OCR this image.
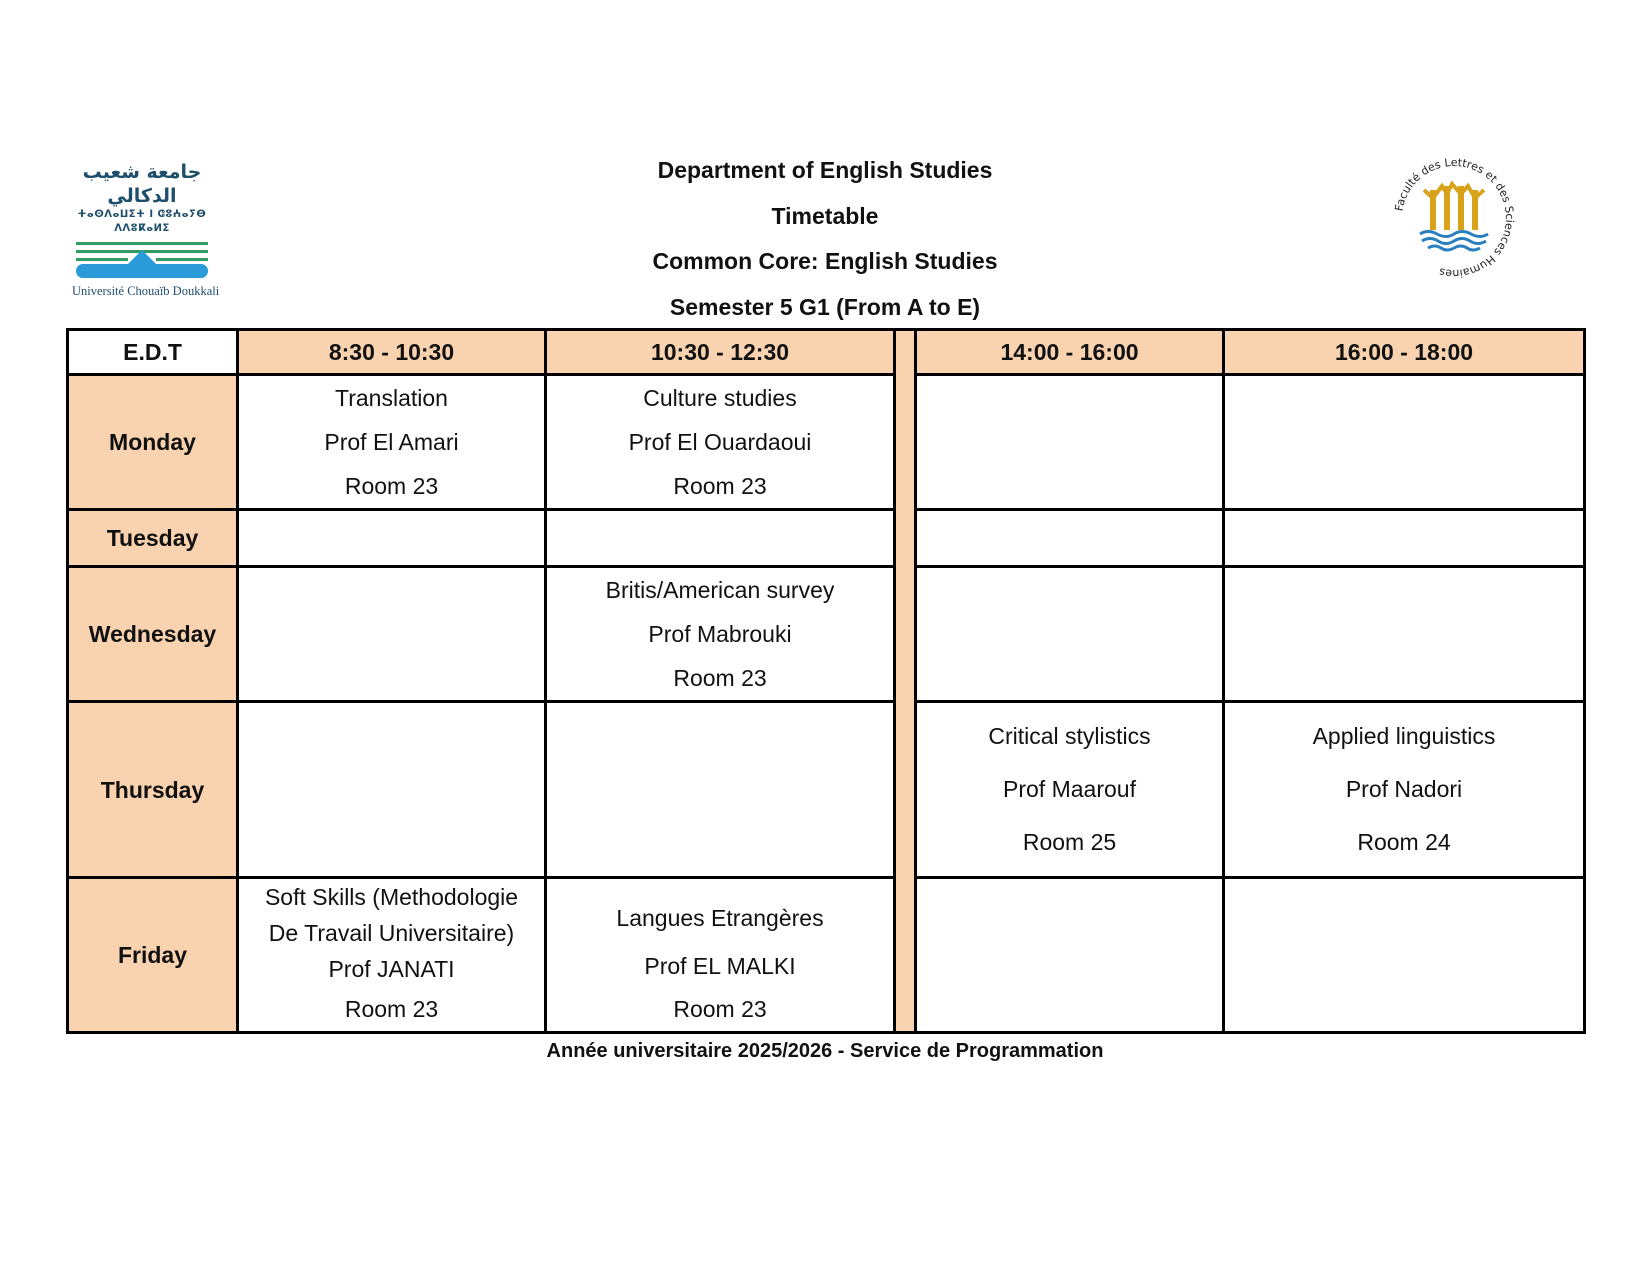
جامعة شعيب الدكالي
ⵜⴰⵙⴷⴰⵡⵉⵜ ⵏ ⵛⵓⵄⴰⵢⴱ ⴷⴷⵓⴽⴰⵍⵉ
Université Chouaïb Doukkali
Faculté des Lettres et des Sciences Humaines
Department of English Studies
Timetable
Common Core: English Studies
Semester 5 G1 (From A to E)
E.D.T	8:30 - 10:30	10:30 - 12:30		14:00 - 16:00	16:00 - 18:00
Monday	Translation
Prof El Amari
Room 23	Culture studies
Prof El Ouardaoui
Room 23			

Tuesday					
Wednesday		Britis/American survey
Prof Mabrouki
Room 23			

Thursday				Critical stylistics
Prof Maarouf
Room 25	Applied linguistics
Prof Nadori
Room 24

Friday	Soft Skills (Methodologie
De Travail Universitaire)
Prof JANATI
Room 23	Langues Etrangères
Prof EL MALKI
Room 23			

Année universitaire 2025/2026 - Service de Programmation
